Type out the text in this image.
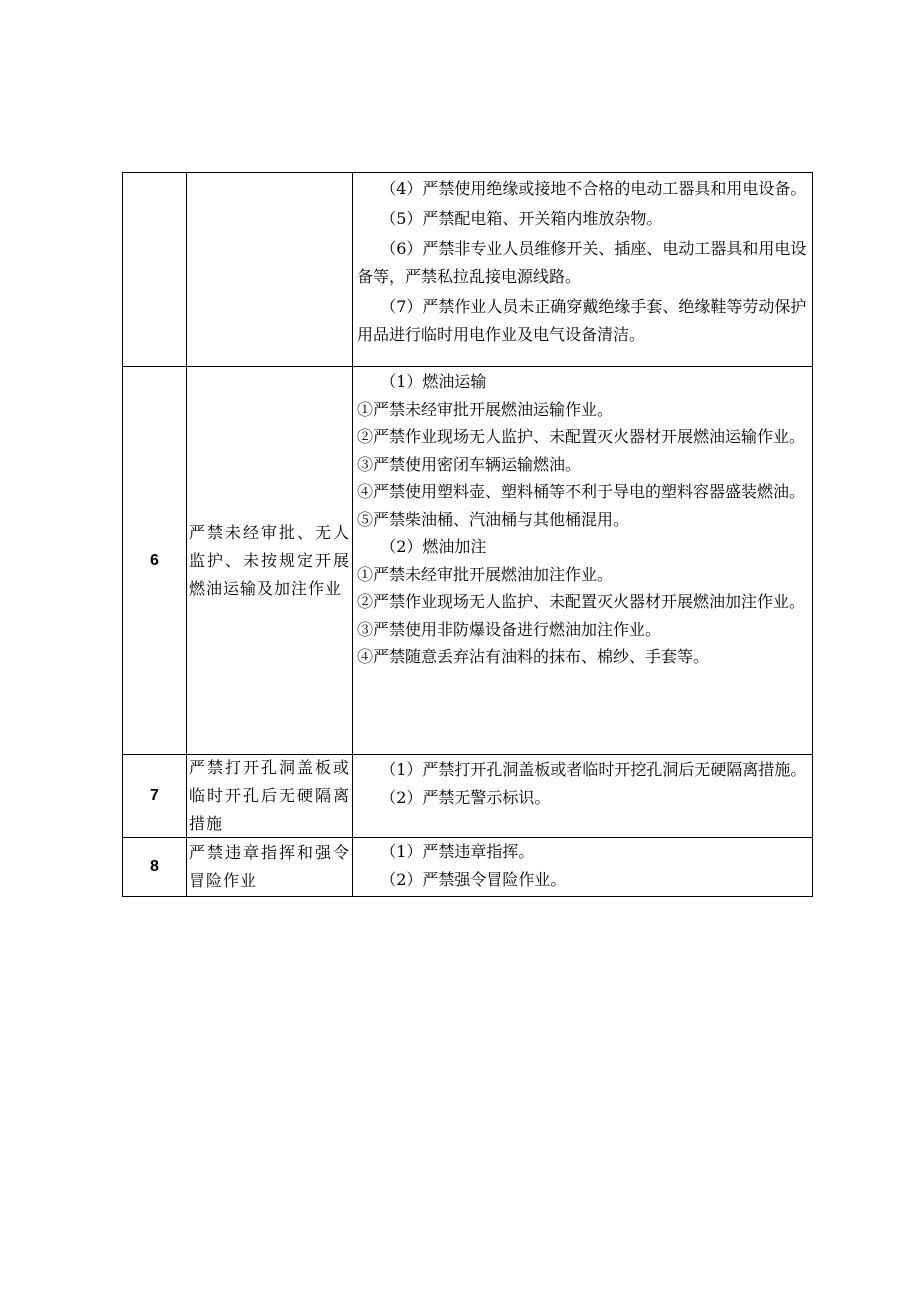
（4）严禁使用绝缘或接地不合格的电动工器具和用电设备。

（5）严禁配电箱、开关箱内堆放杂物。

（6）严禁非专业人员维修开关、插座、电动工器具和用电设备等，严禁私拉乱接电源线路。

（7）严禁作业人员未正确穿戴绝缘手套、绝缘鞋等劳动保护用品进行临时用电作业及电气设备清洁。

6
严禁未经审批、无人监护、未按规定开展燃油运输及加注作业

（1）燃油运输

①严禁未经审批开展燃油运输作业。

②严禁作业现场无人监护、未配置灭火器材开展燃油运输作业。

③严禁使用密闭车辆运输燃油。

④严禁使用塑料壶、塑料桶等不利于导电的塑料容器盛装燃油。

⑤严禁柴油桶、汽油桶与其他桶混用。

（2）燃油加注

①严禁未经审批开展燃油加注作业。

②严禁作业现场无人监护、未配置灭火器材开展燃油加注作业。

③严禁使用非防爆设备进行燃油加注作业。

④严禁随意丢弃沾有油料的抹布、棉纱、手套等。

7
严禁打开孔洞盖板或临时开孔后无硬隔离措施

（1）严禁打开孔洞盖板或者临时开挖孔洞后无硬隔离措施。

（2）严禁无警示标识。

8
严禁违章指挥和强令冒险作业

（1）严禁违章指挥。

（2）严禁强令冒险作业。
